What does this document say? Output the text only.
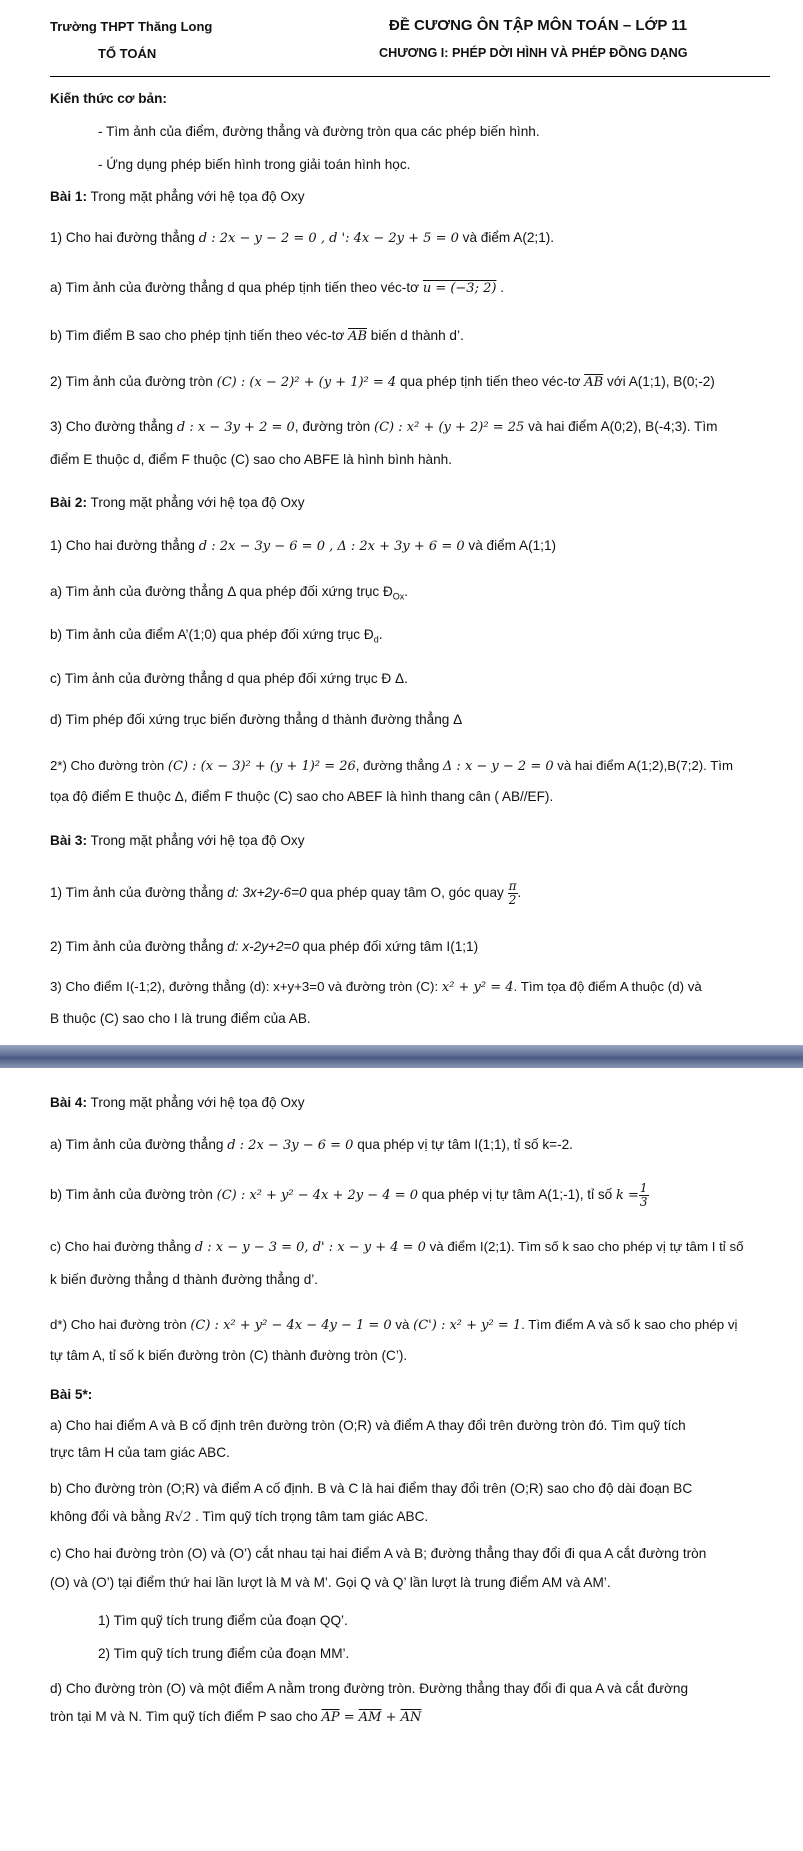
Trường THPT Thăng Long
TỔ TOÁN
ĐỀ CƯƠNG ÔN TẬP MÔN TOÁN – LỚP 11
CHƯƠNG I: PHÉP DỜI HÌNH VÀ PHÉP ĐỒNG DẠNG
Kiến thức cơ bản:
- Tìm ảnh của điểm, đường thẳng và đường tròn qua các phép biến hình.
- Ứng dụng phép biến hình trong giải toán hình học.
Bài 1: Trong mặt phẳng với hệ tọa độ Oxy
1) Cho hai đường thẳng d : 2x − y − 2 = 0 , d ': 4x − 2y + 5 = 0 và điểm A(2;1).
a) Tìm ảnh của đường thẳng d qua phép tịnh tiến theo véc-tơ u = (−3; 2) .
b) Tìm điểm B sao cho phép tịnh tiến theo véc-tơ $\overline{AB}$ biến d thành d’.
2) Tìm ảnh của đường tròn (C) : (x − 2)² + (y + 1)² = 4 qua phép tịnh tiến theo véc-tơ $\overline{AB}$ với A(1;1), B(0;-2)
3) Cho đường thẳng d : x − 3y + 2 = 0, đường tròn (C) : x² + (y + 2)² = 25 và hai điểm A(0;2), B(-4;3). Tìm
điểm E thuộc d, điểm F thuộc (C) sao cho ABFE là hình bình hành.
Bài 2: Trong mặt phẳng với hệ tọa độ Oxy
1) Cho hai đường thẳng d : 2x − 3y − 6 = 0 , Δ : 2x + 3y + 6 = 0 và điểm A(1;1)
a) Tìm ảnh của đường thẳng Δ qua phép đối xứng trục $Đ_{Ox}$.
b) Tìm ảnh của điểm A’(1;0) qua phép đối xứng trục $Đ_d$.
c) Tìm ảnh của đường thẳng d qua phép đối xứng trục Đ Δ.
d) Tìm phép đối xứng trục biến đường thẳng d thành đường thẳng Δ
2*) Cho đường tròn (C) : (x − 3)² + (y + 1)² = 26, đường thẳng Δ : x − y − 2 = 0 và hai điểm A(1;2),B(7;2). Tìm
tọa độ điểm E thuộc Δ, điểm F thuộc (C) sao cho ABEF là hình thang cân ( AB//EF).
Bài 3: Trong mặt phẳng với hệ tọa độ Oxy
1) Tìm ảnh của đường thẳng d: 3x+2y-6=0 qua phép quay tâm O, góc quay $\frac{\pi}{2}$ .
2) Tìm ảnh của đường thẳng d: x-2y+2=0 qua phép đối xứng tâm I(1;1)
3) Cho điểm I(-1;2), đường thẳng (d): x+y+3=0 và đường tròn (C): x² + y² = 4. Tìm tọa độ điểm A thuộc (d) và
B thuộc (C) sao cho I là trung điểm của AB.
Bài 4: Trong mặt phẳng với hệ tọa độ Oxy
a) Tìm ảnh của đường thẳng d : 2x − 3y − 6 = 0 qua phép vị tự tâm I(1;1), tỉ số k=-2.
b) Tìm ảnh của đường tròn (C) : x² + y² − 4x + 2y − 4 = 0 qua phép vị tự tâm A(1;-1), tỉ số $k = \frac{1}{3}$
c) Cho hai đường thẳng d : x − y − 3 = 0, d' : x − y + 4 = 0 và điểm I(2;1). Tìm số k sao cho phép vị tự tâm I tỉ số
k biến đường thẳng d thành đường thẳng d’.
d*) Cho hai đường tròn (C) : x² + y² − 4x − 4y − 1 = 0 và (C') : x² + y² = 1. Tìm điểm A và số k sao cho phép vị
tự tâm A, tỉ số k biến đường tròn (C) thành đường tròn (C’).
Bài 5*:
a) Cho hai điểm A và B cố định trên đường tròn (O;R) và điểm A thay đổi trên đường tròn đó. Tìm quỹ tích
trực tâm H của tam giác ABC.
b) Cho đường tròn (O;R) và điểm A cố định. B và C là hai điểm thay đổi trên (O;R) sao cho độ dài đoạn BC
không đổi và bằng R√2 . Tìm quỹ tích trọng tâm tam giác ABC.
c) Cho hai đường tròn (O) và (O’) cắt nhau tại hai điểm A và B; đường thẳng thay đổi đi qua A cắt đường tròn
(O) và (O’) tại điểm thứ hai lần lượt là M và M’. Gọi Q và Q’ lần lượt là trung điểm AM và AM’.
1) Tìm quỹ tích trung điểm của đoạn QQ’.
2) Tìm quỹ tích trung điểm của đoạn MM’.
d) Cho đường tròn (O) và một điểm A nằm trong đường tròn. Đường thẳng thay đổi đi qua A và cắt đường
tròn tại M và N. Tìm quỹ tích điểm P sao cho $\overline{AP} = \overline{AM} + \overline{AN}$
